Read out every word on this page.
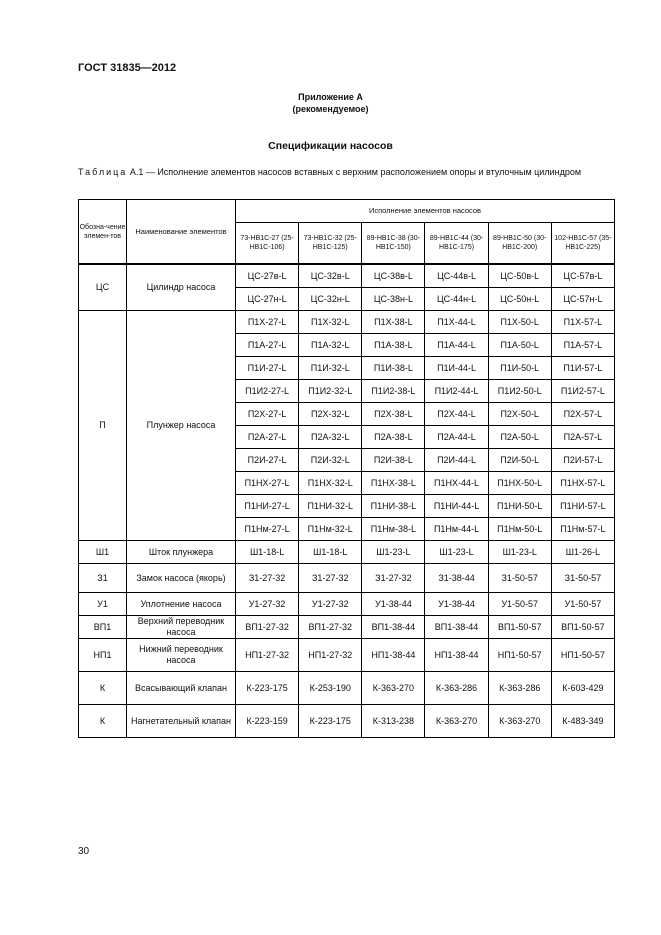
ГОСТ 31835—2012
Приложение А
(рекомендуемое)
Спецификации насосов
Таблица А.1 — Исполнение элементов насосов вставных с верхним расположением опоры и втулочным цилиндром
Обозна-чение элемен-тов	Наименование элементов	Исполнение элементов насосов					
		73-НВ1С-27 (25-НВ1С-106)	73-НВ1С-32 (25-НВ1С-125)	89-НВ1С-38 (30-НВ1С-150)	89-НВ1С-44 (30-НВ1С-175)	89-НВ1С-50 (30-НВ1С-200)	102-НВ1С-57 (35-НВ1С-225)
ЦС	Цилиндр насоса	ЦС-27в-L	ЦС-32в-L	ЦС-38в-L	ЦС-44в-L	ЦС-50в-L	ЦС-57в-L
		ЦС-27н-L	ЦС-32н-L	ЦС-38н-L	ЦС-44н-L	ЦС-50н-L	ЦС-57н-L
П	Плунжер насоса	П1Х-27-L	П1Х-32-L	П1Х-38-L	П1Х-44-L	П1Х-50-L	П1Х-57-L
		П1А-27-L	П1А-32-L	П1А-38-L	П1А-44-L	П1А-50-L	П1А-57-L
		П1И-27-L	П1И-32-L	П1И-38-L	П1И-44-L	П1И-50-L	П1И-57-L
		П1И2-27-L	П1И2-32-L	П1И2-38-L	П1И2-44-L	П1И2-50-L	П1И2-57-L
		П2Х-27-L	П2Х-32-L	П2Х-38-L	П2Х-44-L	П2Х-50-L	П2Х-57-L
		П2А-27-L	П2А-32-L	П2А-38-L	П2А-44-L	П2А-50-L	П2А-57-L
		П2И-27-L	П2И-32-L	П2И-38-L	П2И-44-L	П2И-50-L	П2И-57-L
		П1НХ-27-L	П1НХ-32-L	П1НХ-38-L	П1НХ-44-L	П1НХ-50-L	П1НХ-57-L
		П1НИ-27-L	П1НИ-32-L	П1НИ-38-L	П1НИ-44-L	П1НИ-50-L	П1НИ-57-L
		П1Нм-27-L	П1Нм-32-L	П1Нм-38-L	П1Нм-44-L	П1Нм-50-L	П1Нм-57-L
Ш1	Шток плунжера	Ш1-18-L	Ш1-18-L	Ш1-23-L	Ш1-23-L	Ш1-23-L	Ш1-26-L
З1	Замок насоса (якорь)	З1-27-32	З1-27-32	З1-27-32	З1-38-44	З1-50-57	З1-50-57
У1	Уплотнение насоса	У1-27-32	У1-27-32	У1-38-44	У1-38-44	У1-50-57	У1-50-57
ВП1	Верхний переводник насоса	ВП1-27-32	ВП1-27-32	ВП1-38-44	ВП1-38-44	ВП1-50-57	ВП1-50-57
НП1	Нижний переводник насоса	НП1-27-32	НП1-27-32	НП1-38-44	НП1-38-44	НП1-50-57	НП1-50-57
К	Всасывающий клапан	К-223-175	К-253-190	К-363-270	К-363-286	К-363-286	К-603-429
К	Нагнетательный клапан	К-223-159	К-223-175	К-313-238	К-363-270	К-363-270	К-483-349
30
